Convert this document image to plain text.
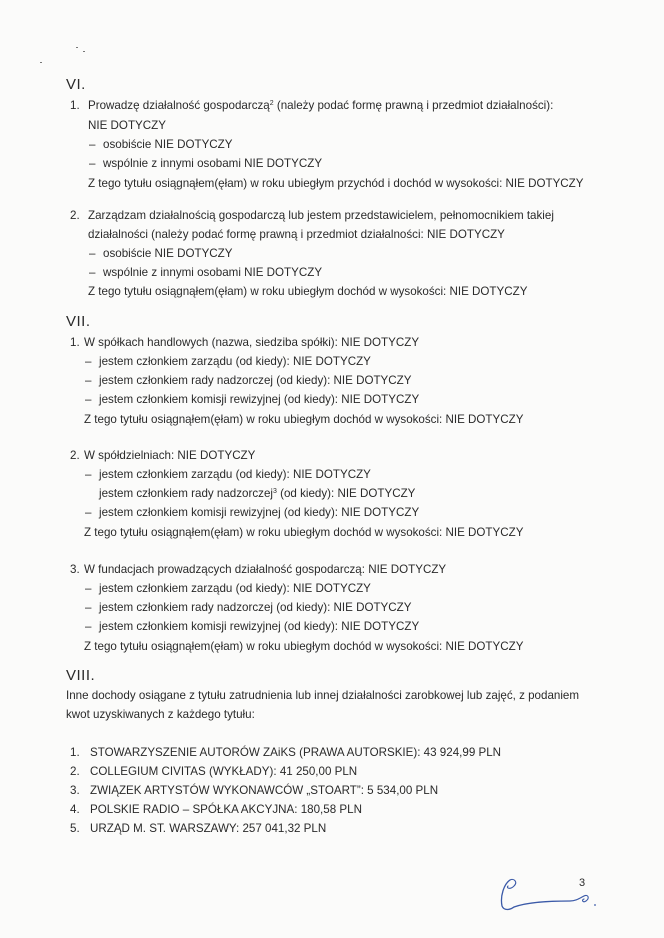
VI.
1. Prowadzę działalność gospodarczą$^2$ (należy podać formę prawną i przedmiot działalności):
NIE DOTYCZY
– osobiście NIE DOTYCZY
– wspólnie z innymi osobami NIE DOTYCZY
Z tego tytułu osiągnąłem(ęłam) w roku ubiegłym przychód i dochód w wysokości: NIE DOTYCZY
2. Zarządzam działalnością gospodarczą lub jestem przedstawicielem, pełnomocnikiem takiej
działalności (należy podać formę prawną i przedmiot działalności: NIE DOTYCZY
– osobiście NIE DOTYCZY
– wspólnie z innymi osobami NIE DOTYCZY
Z tego tytułu osiągnąłem(ęłam) w roku ubiegłym dochód w wysokości: NIE DOTYCZY
VII.
1. W spółkach handlowych (nazwa, siedziba spółki): NIE DOTYCZY
– jestem członkiem zarządu (od kiedy): NIE DOTYCZY
– jestem członkiem rady nadzorczej (od kiedy): NIE DOTYCZY
– jestem członkiem komisji rewizyjnej (od kiedy): NIE DOTYCZY
Z tego tytułu osiągnąłem(ęłam) w roku ubiegłym dochód w wysokości: NIE DOTYCZY
2. W spółdzielniach: NIE DOTYCZY
– jestem członkiem zarządu (od kiedy): NIE DOTYCZY
jestem członkiem rady nadzorczej$^3$ (od kiedy): NIE DOTYCZY
– jestem członkiem komisji rewizyjnej (od kiedy): NIE DOTYCZY
Z tego tytułu osiągnąłem(ęłam) w roku ubiegłym dochód w wysokości: NIE DOTYCZY
3. W fundacjach prowadzących działalność gospodarczą: NIE DOTYCZY
– jestem członkiem zarządu (od kiedy): NIE DOTYCZY
– jestem członkiem rady nadzorczej (od kiedy): NIE DOTYCZY
– jestem członkiem komisji rewizyjnej (od kiedy): NIE DOTYCZY
Z tego tytułu osiągnąłem(ęłam) w roku ubiegłym dochód w wysokości: NIE DOTYCZY
VIII.
Inne dochody osiągane z tytułu zatrudnienia lub innej działalności zarobkowej lub zajęć, z podaniem
kwot uzyskiwanych z każdego tytułu:
1. STOWARZYSZENIE AUTORÓW ZAiKS (PRAWA AUTORSKIE): 43 924,99 PLN
2. COLLEGIUM CIVITAS (WYKŁADY): 41 250,00 PLN
3. ZWIĄZEK ARTYSTÓW WYKONAWCÓW „STOART”: 5 534,00 PLN
4. POLSKIE RADIO – SPÓŁKA AKCYJNA: 180,58 PLN
5. URZĄD M. ST. WARSZAWY: 257 041,32 PLN
3
